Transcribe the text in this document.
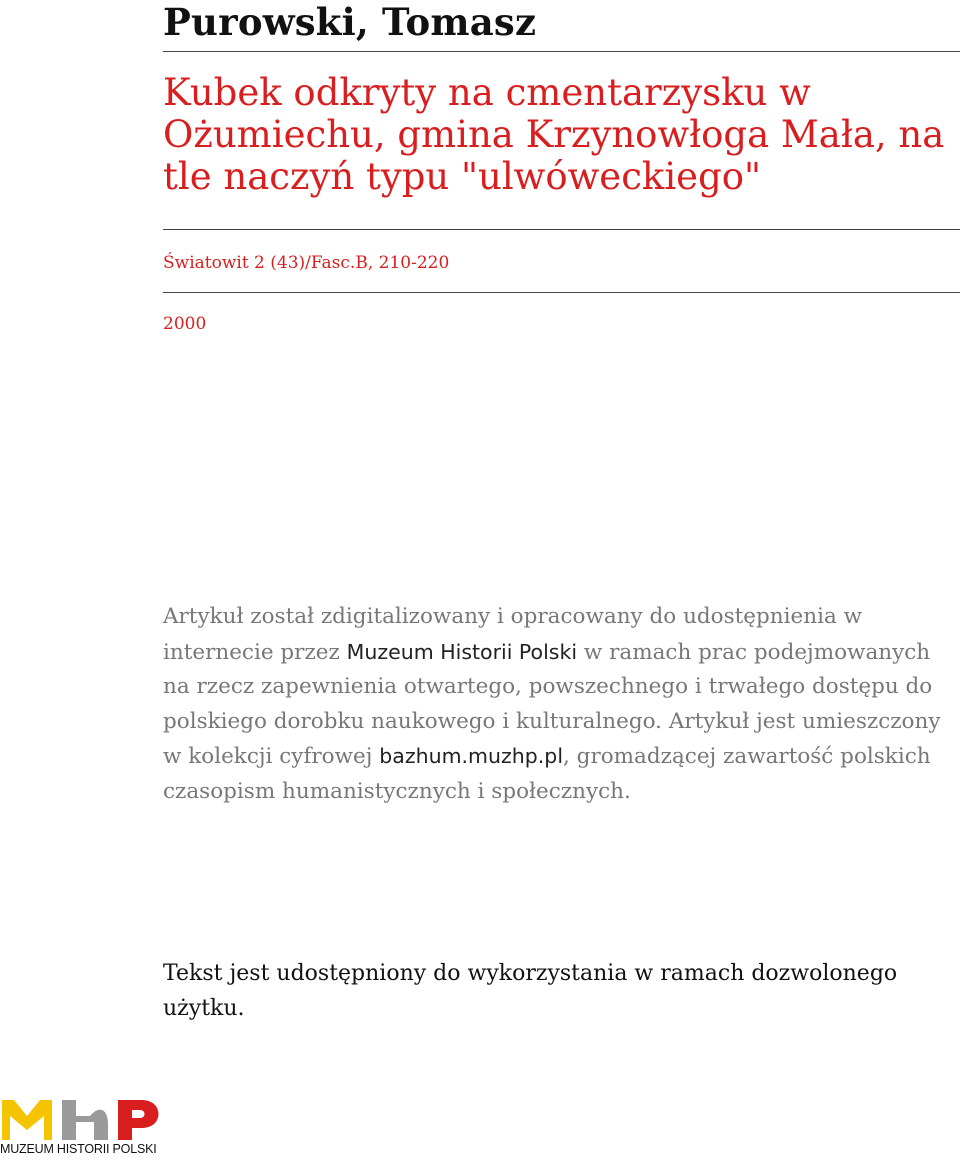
Purowski, Tomasz
Kubek odkryty na cmentarzysku w Ożumiechu, gmina Krzynowłoga Mała, na tle naczyń typu "ulwóweckiego"
Światowit 2 (43)/Fasc.B, 210-220
2000
Artykuł został zdigitalizowany i opracowany do udostępnienia w internecie przez Muzeum Historii Polski w ramach prac podejmowanych na rzecz zapewnienia otwartego, powszechnego i trwałego dostępu do polskiego dorobku naukowego i kulturalnego. Artykuł jest umieszczony w kolekcji cyfrowej bazhum.muzhp.pl, gromadzącej zawartość polskich czasopism humanistycznych i społecznych.
Tekst jest udostępniony do wykorzystania w ramach dozwolonego użytku.
MUZEUM HISTORII POLSKI
